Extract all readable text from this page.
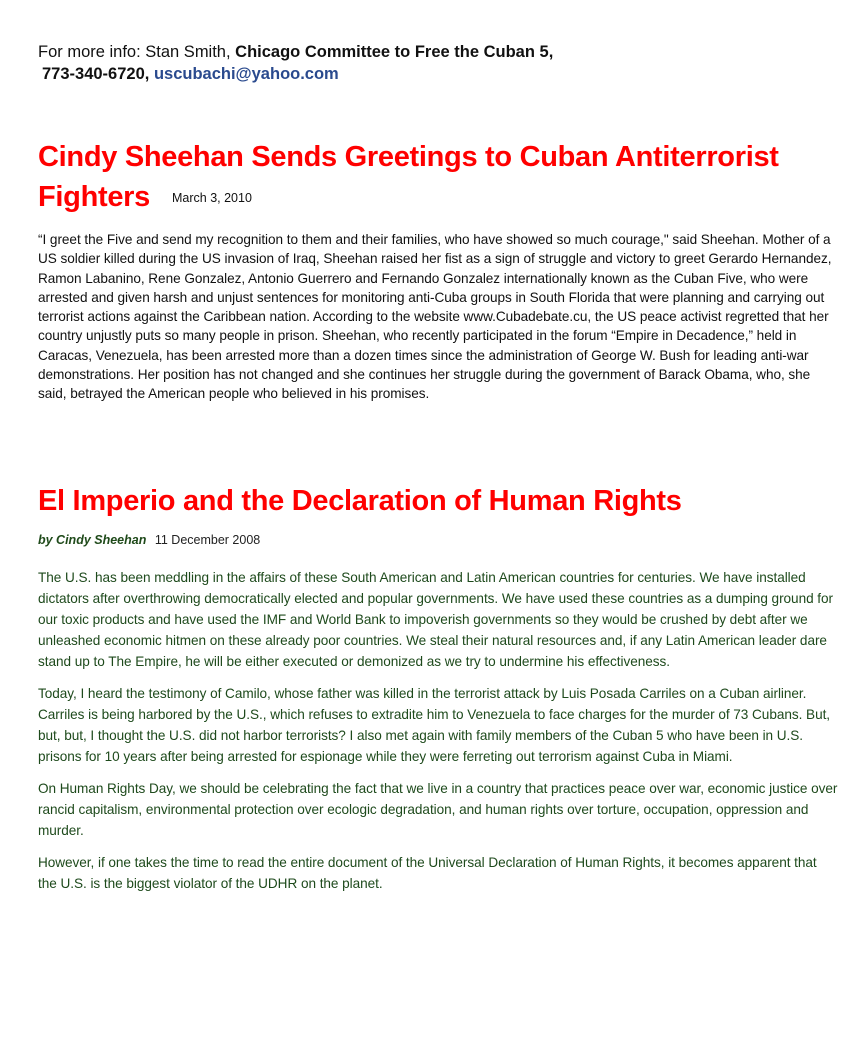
For more info: Stan Smith, Chicago Committee to Free the Cuban 5,
773-340-6720, uscubachi@yahoo.com
Cindy Sheehan Sends Greetings to Cuban Antiterrorist Fighters March 3, 2010

“I greet the Five and send my recognition to them and their families, who have showed so much courage," said Sheehan. Mother of a US soldier killed during the US invasion of Iraq, Sheehan raised her fist as a sign of struggle and victory to greet Gerardo Hernandez, Ramon Labanino, Rene Gonzalez, Antonio Guerrero and Fernando Gonzalez internationally known as the Cuban Five, who were arrested and given harsh and unjust sentences for monitoring anti-Cuba groups in South Florida that were planning and carrying out terrorist actions against the Caribbean nation. According to the website www.Cubadebate.cu, the US peace activist regretted that her country unjustly puts so many people in prison. Sheehan, who recently participated in the forum “Empire in Decadence,” held in Caracas, Venezuela, has been arrested more than a dozen times since the administration of George W. Bush for leading anti-war demonstrations. Her position has not changed and she continues her struggle during the government of Barack Obama, who, she said, betrayed the American people who believed in his promises.

El Imperio and the Declaration of Human Rights
by Cindy Sheehan 11 December 2008

The U.S. has been meddling in the affairs of these South American and Latin American countries for centuries. We have installed dictators after overthrowing democratically elected and popular governments. We have used these countries as a dumping ground for our toxic products and have used the IMF and World Bank to impoverish governments so they would be crushed by debt after we unleashed economic hitmen on these already poor countries. We steal their natural resources and, if any Latin American leader dare stand up to The Empire, he will be either executed or demonized as we try to undermine his effectiveness.

Today, I heard the testimony of Camilo, whose father was killed in the terrorist attack by Luis Posada Carriles on a Cuban airliner. Carriles is being harbored by the U.S., which refuses to extradite him to Venezuela to face charges for the murder of 73 Cubans. But, but, but, I thought the U.S. did not harbor terrorists? I also met again with family members of the Cuban 5 who have been in U.S. prisons for 10 years after being arrested for espionage while they were ferreting out terrorism against Cuba in Miami.

On Human Rights Day, we should be celebrating the fact that we live in a country that practices peace over war, economic justice over rancid capitalism, environmental protection over ecologic degradation, and human rights over torture, occupation, oppression and murder.

However, if one takes the time to read the entire document of the Universal Declaration of Human Rights, it becomes apparent that the U.S. is the biggest violator of the UDHR on the planet.
